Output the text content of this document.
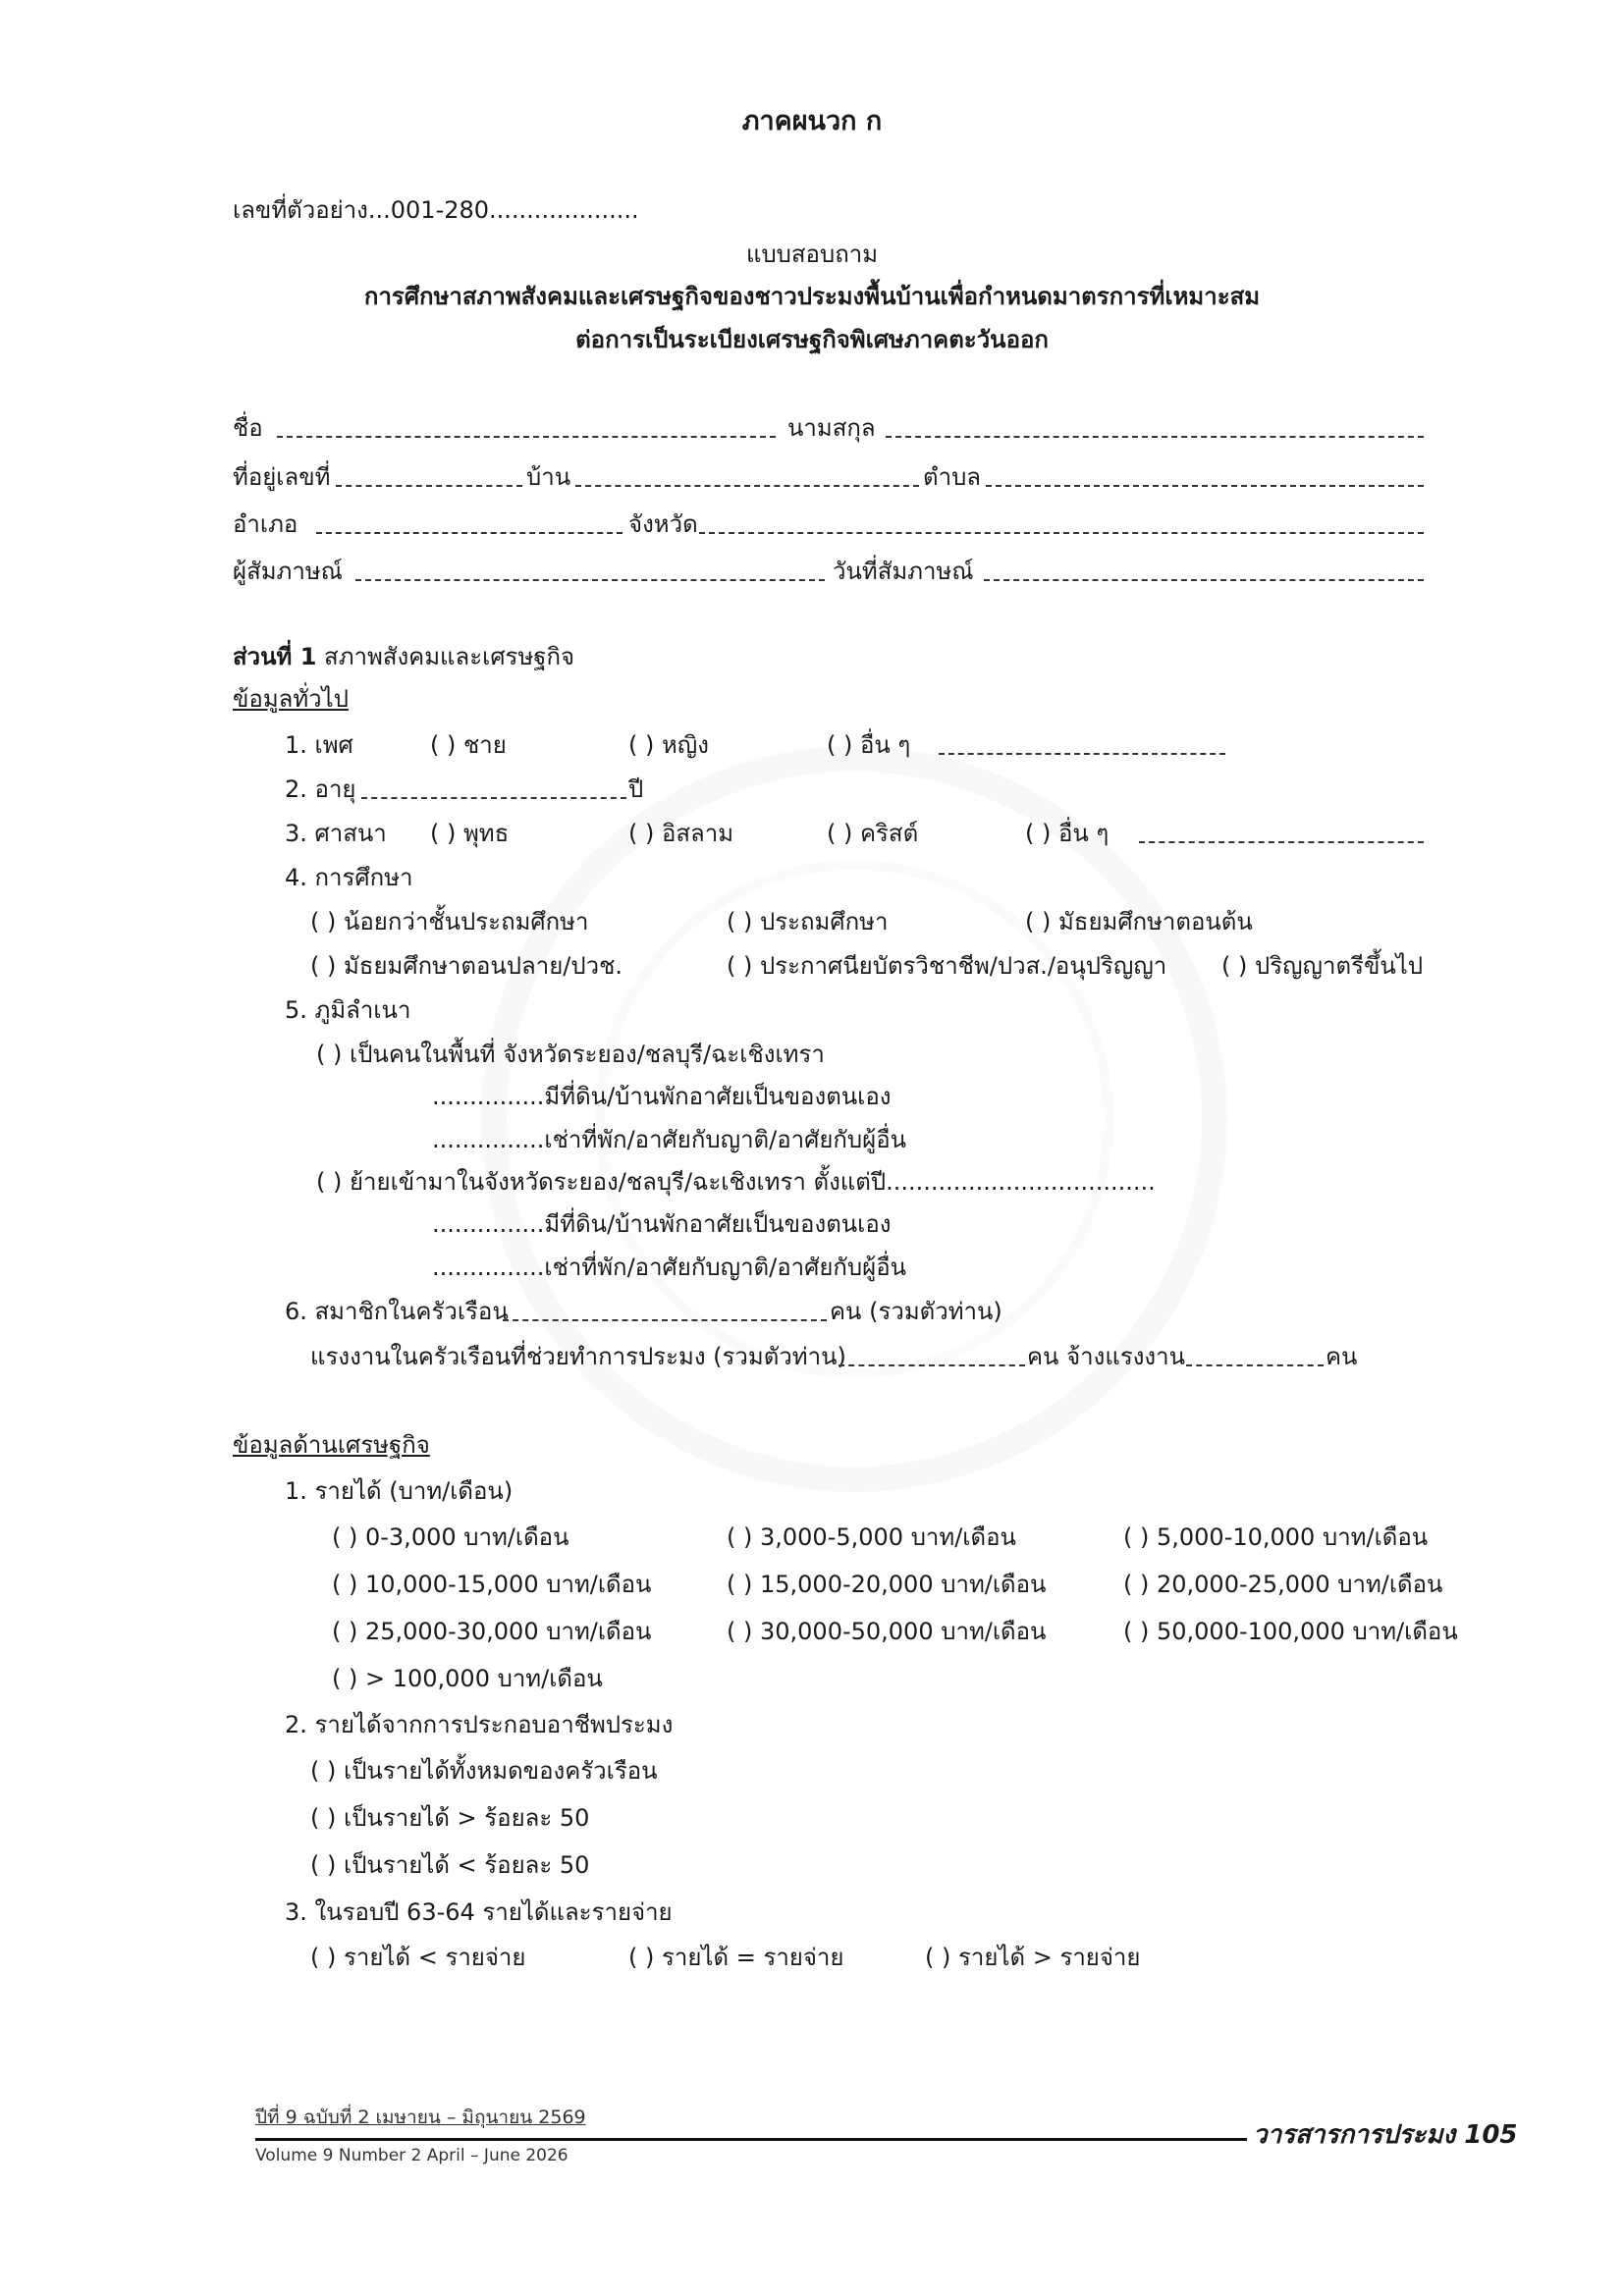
ภาคผนวก ก
เลขที่ตัวอย่าง...001-280....................
แบบสอบถาม
การศึกษาสภาพสังคมและเศรษฐกิจของชาวประมงพื้นบ้านเพื่อกำหนดมาตรการที่เหมาะสม
ต่อการเป็นระเบียงเศรษฐกิจพิเศษภาคตะวันออก
ชื่อ	นามสกุล
ที่อยู่เลขที่	บ้าน	ตำบล
อำเภอ	จังหวัด
ผู้สัมภาษณ์	วันที่สัมภาษณ์
ส่วนที่ 1 สภาพสังคมและเศรษฐกิจ
ข้อมูลทั่วไป
1. เพศ	( ) ชาย	( ) หญิง	( ) อื่น ๆ
2. อายุ	ปี
3. ศาสนา ( ) พุทธ	( ) อิสลาม	( ) คริสต์	( ) อื่น ๆ
4. การศึกษา
( ) น้อยกว่าชั้นประถมศึกษา	( ) ประถมศึกษา	( ) มัธยมศึกษาตอนต้น
( ) มัธยมศึกษาตอนปลาย/ปวช.	( ) ประกาศนียบัตรวิชาชีพ/ปวส./อนุปริญญา ( ) ปริญญาตรีขึ้นไป
5. ภูมิลำเนา
( ) เป็นคนในพื้นที่ จังหวัดระยอง/ชลบุรี/ฉะเชิงเทรา
...............มีที่ดิน/บ้านพักอาศัยเป็นของตนเอง
...............เช่าที่พัก/อาศัยกับญาติ/อาศัยกับผู้อื่น
( ) ย้ายเข้ามาในจังหวัดระยอง/ชลบุรี/ฉะเชิงเทรา ตั้งแต่ปี....................................
...............มีที่ดิน/บ้านพักอาศัยเป็นของตนเอง
...............เช่าที่พัก/อาศัยกับญาติ/อาศัยกับผู้อื่น
6. สมาชิกในครัวเรือน	คน (รวมตัวท่าน)
แรงงานในครัวเรือนที่ช่วยทำการประมง (รวมตัวท่าน)	คน จ้างแรงงาน	คน
ข้อมูลด้านเศรษฐกิจ
1. รายได้ (บาท/เดือน)
( ) 0-3,000 บาท/เดือน	( ) 3,000-5,000 บาท/เดือน	( ) 5,000-10,000 บาท/เดือน
( ) 10,000-15,000 บาท/เดือน	( ) 15,000-20,000 บาท/เดือน	( ) 20,000-25,000 บาท/เดือน
( ) 25,000-30,000 บาท/เดือน	( ) 30,000-50,000 บาท/เดือน	( ) 50,000-100,000 บาท/เดือน
( ) > 100,000 บาท/เดือน
2. รายได้จากการประกอบอาชีพประมง
( ) เป็นรายได้ทั้งหมดของครัวเรือน
( ) เป็นรายได้ > ร้อยละ 50
( ) เป็นรายได้ < ร้อยละ 50
3. ในรอบปี 63-64 รายได้และรายจ่าย
( ) รายได้ < รายจ่าย	( ) รายได้ = รายจ่าย	( ) รายได้ > รายจ่าย
ปีที่ 9 ฉบับที่ 2 เมษายน – มิถุนายน 2569
วารสารการประมง 105
Volume 9 Number 2 April – June 2026
